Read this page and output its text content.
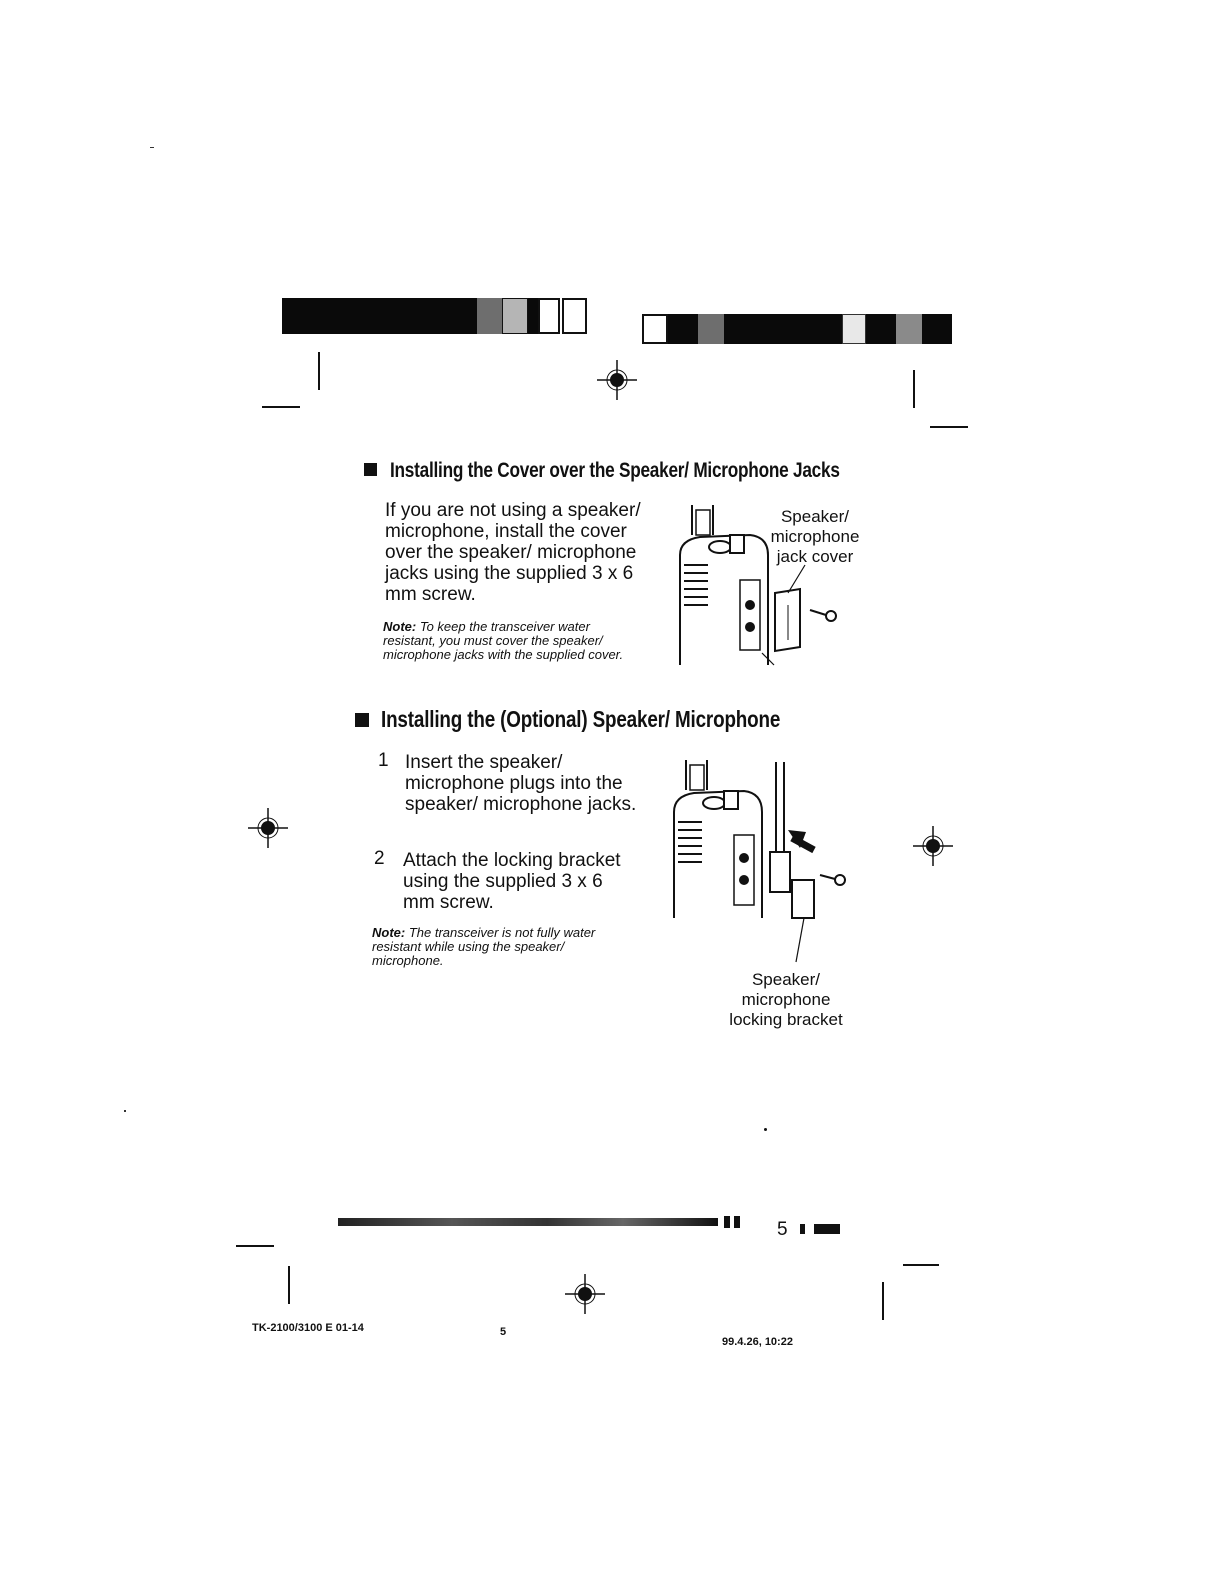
Installing the Cover over the Speaker/ Microphone Jacks
If you are not using a speaker/ microphone, install the cover over the speaker/ microphone jacks using the supplied 3 x 6 mm screw.
Note: To keep the transceiver water resistant, you must cover the speaker/ microphone jacks with the supplied cover.
Speaker/ microphone jack cover
Installing the (Optional) Speaker/ Microphone
1 Insert the speaker/ microphone plugs into the speaker/ microphone jacks.
2 Attach the locking bracket using the supplied 3 x 6 mm screw.
Note: The transceiver is not fully water resistant while using the speaker/ microphone.
Speaker/ microphone locking bracket
5
TK-2100/3100 E 01-14	5
99.4.26, 10:22
